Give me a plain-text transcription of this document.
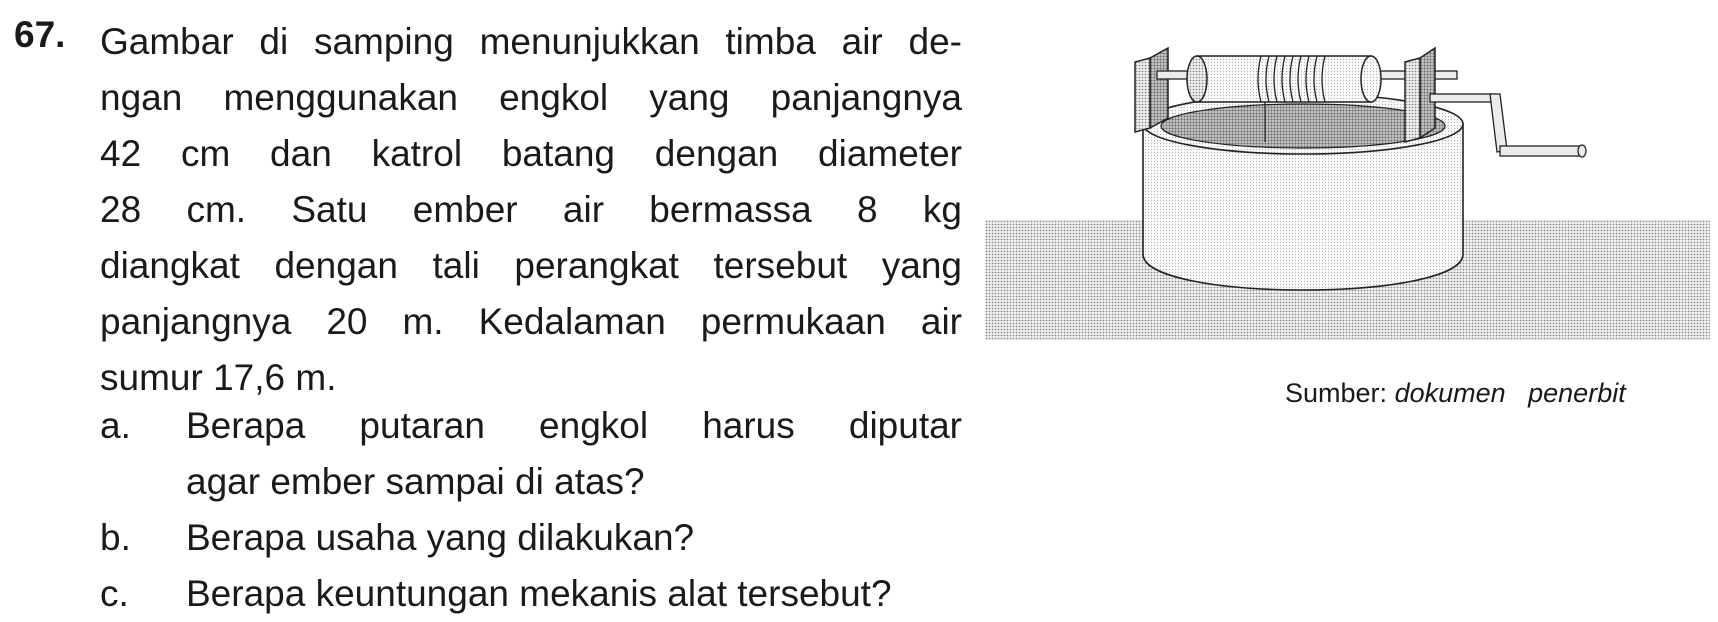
67. Gambar di samping menunjukkan timba air de-
ngan menggunakan engkol yang panjangnya
42 cm dan katrol batang dengan diameter
28 cm. Satu ember air bermassa 8 kg
diangkat dengan tali perangkat tersebut yang
panjangnya 20 m. Kedalaman permukaan air
sumur 17,6 m.
a.	Berapa putaran engkol harus diputar
agar ember sampai di atas?
b.	Berapa usaha yang dilakukan?
c.	Berapa keuntungan mekanis alat tersebut?
Sumber: dokumen   penerbit
